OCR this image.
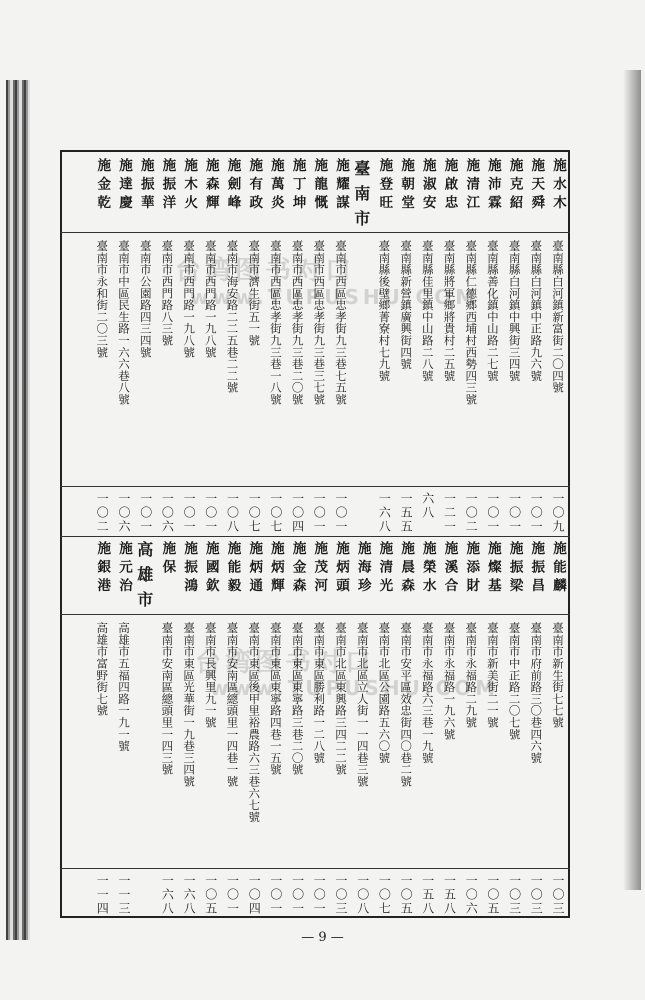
台湾图书对口
www.TUPUSHU.COM
台湾图书对口
www.TUPUSHU.COM
施水木
臺南縣白河鎮新富街二〇四號
一〇九
施天舜
臺南縣白河鎮中正路九六號
一〇一
施克紹
臺南縣白河鎮中興街三四號
一〇一
施沛霖
臺南縣善化鎮中山路二七號
一〇一
施清江
臺南縣仁德鄉西埔村西勢四三號
一〇二
施啟忠
臺南縣將軍鄉將貴村二五號
一二一
施淑安
臺南縣佳里鎮中山路二八號
六八
施朝堂
臺南縣新營鎮廣興街四號
一五五
施登旺
臺南縣後壁鄉菁寮村七九號
一六八
臺南市
施耀謀
臺南市西區忠孝街九三巷七五號
一〇一
施龍慨
臺南市西區忠孝街九三巷三七號
一〇一
施丁坤
臺南市西區忠孝街九三巷二〇號
一〇四
施萬炎
臺南市西區忠孝街九三巷一八號
一〇七
施有政
臺南市濟生街五一號
一〇七
施劍峰
臺南市海安路二二五巷二二號
一〇八
施森輝
臺南市西門路一九八號
一〇一
施木火
臺南市西門路一九八號
一〇一
施振洋
臺南市西門路八三號
一〇六
施振華
臺南市公園路四三四號
一〇一
施達慶
臺南市中區民生路一六六巷八號
一〇六
施金乾
臺南市永和街二〇三號
一〇二
施能麟
臺南市新生街七七號
一〇三
施振昌
臺南市府前路三〇巷四六號
一〇三
施振梁
臺南市中正路二〇七號
一〇三
施燦基
臺南市新美街二一號
一〇五
施添財
臺南市永福路二九號
一〇六
施溪合
臺南市永福路一九六號
一五八
施榮水
臺南市永福路六三巷一九號
一五八
施晨森
臺南市安平區效忠街四〇巷二號
一〇五
施清光
臺南市北區公園路五六〇號
一〇七
施海珍
臺南市北區立人街一一四巷三號
一〇八
施炳頭
臺南市北區東興路三四二二號
一〇三
施茂河
臺南市東區勝利路一二八號
一〇一
施金森
臺南市東區東寧路三巷二〇號
一〇一
施炳輝
臺南市東區東寧路四巷一五號
一〇一
施炳通
臺南市東區後甲里裕農路六三巷六七號
一〇四
施能毅
臺南市安南區總頭里一四巷一號
一〇一
施國欽
臺南市長興里九一號
一〇五
施振鴻
臺南市東區光華街一九巷三四號
一六八
施保
臺南市安南區總頭里一四三號
一六八
高雄市
施元治
高雄市五福四路一九一號
一一三
施銀港
高雄市富野街七號
一一四
— 9 —
